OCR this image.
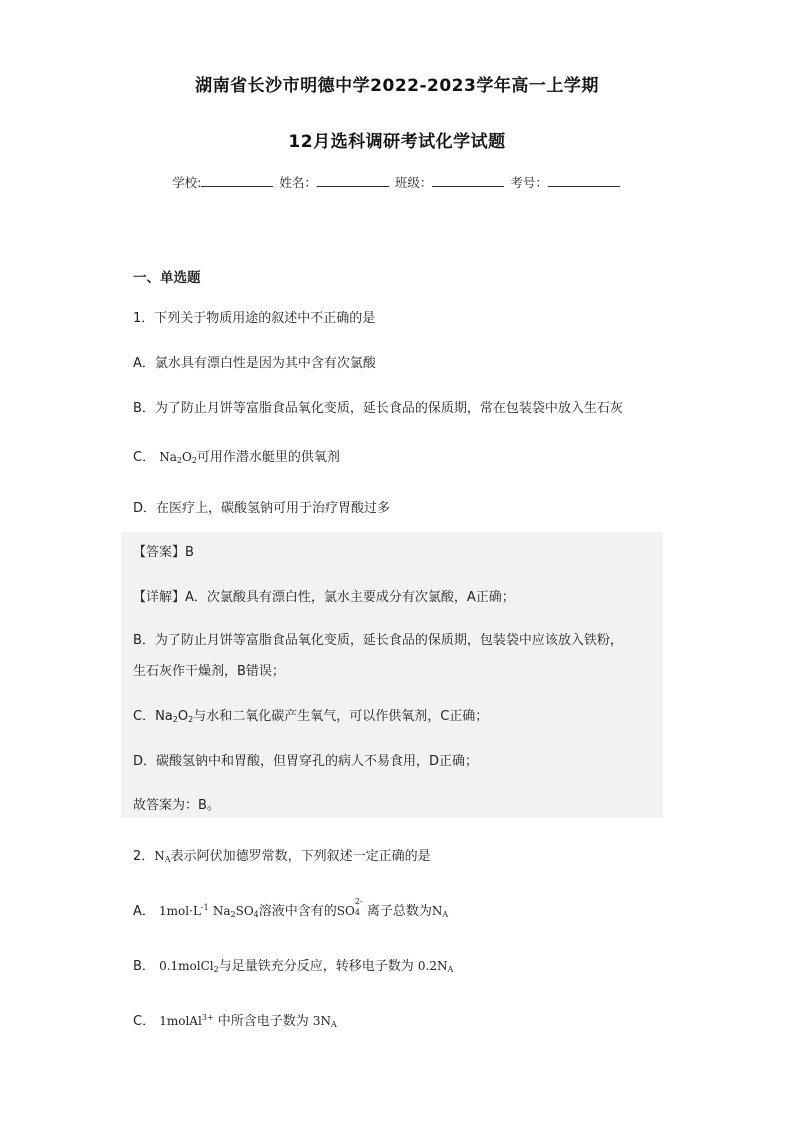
湖南省长沙市明德中学2022-2023学年高一上学期
12月选科调研考试化学试题
学校:	姓名：	班级：	考号：
一、单选题
1．下列关于物质用途的叙述中不正确的是
A．氯水具有漂白性是因为其中含有次氯酸
B．为了防止月饼等富脂食品氧化变质，延长食品的保质期，常在包装袋中放入生石灰
C． $Na_2O_2$可用作潜水艇里的供氧剂
D．在医疗上，碳酸氢钠可用于治疗胃酸过多
【答案】B
【详解】A．次氯酸具有漂白性，氯水主要成分有次氯酸，A正确；
B．为了防止月饼等富脂食品氧化变质，延长食品的保质期，包装袋中应该放入铁粉，
生石灰作干燥剂，B错误；
C．$Na_2O_2$与水和二氧化碳产生氧气，可以作供氧剂，C正确；
D．碳酸氢钠中和胃酸，但胃穿孔的病人不易食用，D正确；
故答案为：B。
2．$N_A$表示阿伏加德罗常数，下列叙述一定正确的是
A． $1mol\cdot L^{-1}$ $Na_2SO_4$溶液中含有的SO
2-
4 离子总数为$N_A$
B． 0.1molCl$_2$与足量铁充分反应，转移电子数为 $0.2N_A$
C． 1molAl$^{3+}$ 中所含电子数为 $3N_A$
